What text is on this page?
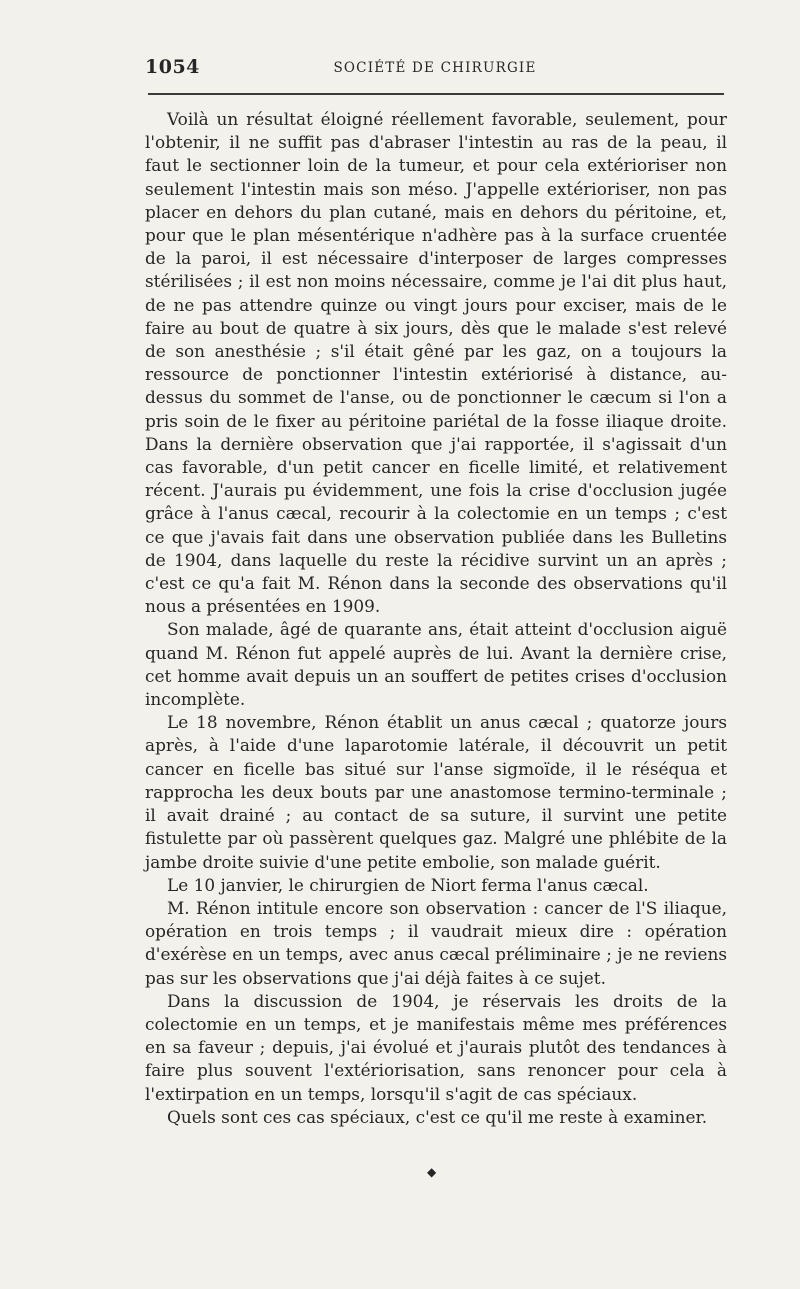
1054	SOCIÉTÉ DE CHIRURGIE

Voilà un résultat éloigné réellement favorable, seulement, pour l'obtenir, il ne suffit pas d'abraser l'intestin au ras de la peau, il faut le sectionner loin de la tumeur, et pour cela extérioriser non seulement l'intestin mais son méso. J'appelle extérioriser, non pas placer en dehors du plan cutané, mais en dehors du péritoine, et, pour que le plan mésentérique n'adhère pas à la surface cruentée de la paroi, il est nécessaire d'interposer de larges compresses stérilisées ; il est non moins nécessaire, comme je l'ai dit plus haut, de ne pas attendre quinze ou vingt jours pour exciser, mais de le faire au bout de quatre à six jours, dès que le malade s'est relevé de son anesthésie ; s'il était gêné par les gaz, on a toujours la ressource de ponctionner l'intestin extériorisé à distance, au-dessus du sommet de l'anse, ou de ponctionner le cæcum si l'on a pris soin de le fixer au péritoine pariétal de la fosse iliaque droite. Dans la dernière observation que j'ai rapportée, il s'agissait d'un cas favorable, d'un petit cancer en ficelle limité, et relativement récent. J'aurais pu évidemment, une fois la crise d'occlusion jugée grâce à l'anus cæcal, recourir à la colectomie en un temps ; c'est ce que j'avais fait dans une observation publiée dans les Bulletins de 1904, dans laquelle du reste la récidive survint un an après ; c'est ce qu'a fait M. Rénon dans la seconde des observations qu'il nous a présentées en 1909.

Son malade, âgé de quarante ans, était atteint d'occlusion aiguë quand M. Rénon fut appelé auprès de lui. Avant la dernière crise, cet homme avait depuis un an souffert de petites crises d'occlusion incomplète.

Le 18 novembre, Rénon établit un anus cæcal ; quatorze jours après, à l'aide d'une laparotomie latérale, il découvrit un petit cancer en ficelle bas situé sur l'anse sigmoïde, il le réséqua et rapprocha les deux bouts par une anastomose termino-terminale ; il avait drainé ; au contact de sa suture, il survint une petite fistulette par où passèrent quelques gaz. Malgré une phlébite de la jambe droite suivie d'une petite embolie, son malade guérit.

Le 10 janvier, le chirurgien de Niort ferma l'anus cæcal.

M. Rénon intitule encore son observation : cancer de l'S iliaque, opération en trois temps ; il vaudrait mieux dire : opération d'exérèse en un temps, avec anus cæcal préliminaire ; je ne reviens pas sur les observations que j'ai déjà faites à ce sujet.

Dans la discussion de 1904, je réservais les droits de la colectomie en un temps, et je manifestais même mes préférences en sa faveur ; depuis, j'ai évolué et j'aurais plutôt des tendances à faire plus souvent l'extériorisation, sans renoncer pour cela à l'extirpation en un temps, lorsqu'il s'agit de cas spéciaux.

Quels sont ces cas spéciaux, c'est ce qu'il me reste à examiner.

◆
